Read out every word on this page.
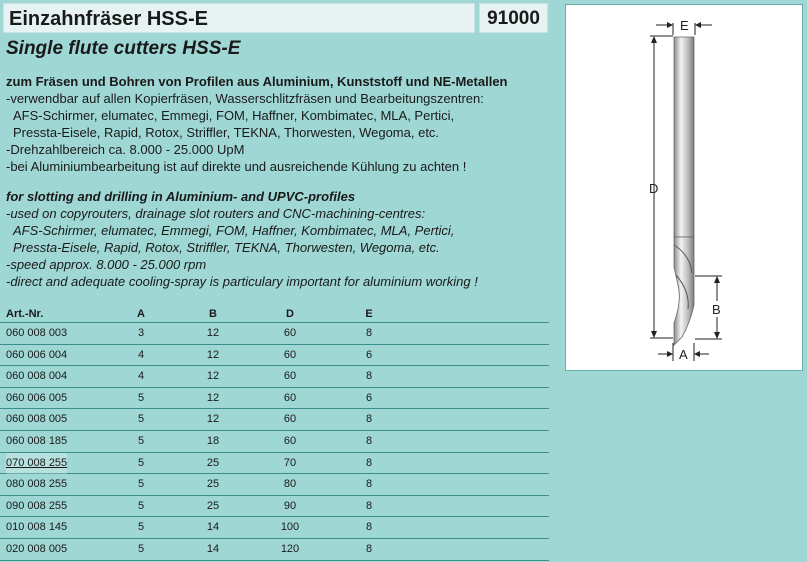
Einzahnfräser HSS-E	91000
Single flute cutters HSS-E
zum Fräsen und Bohren von Profilen aus Aluminium, Kunststoff und NE-Metallen
-verwendbar auf allen Kopierfräsen, Wasserschlitzfräsen und Bearbeitungszentren:
AFS-Schirmer, elumatec, Emmegi, FOM, Haffner, Kombimatec, MLA, Pertici,
Pressta-Eisele, Rapid, Rotox, Striffler, TEKNA, Thorwesten, Wegoma, etc.
-Drehzahlbereich ca. 8.000 - 25.000 UpM
-bei Aluminiumbearbeitung ist auf direkte und ausreichende Kühlung zu achten !
for slotting and drilling in Aluminium- and UPVC-profiles
-used on copyrouters, drainage slot routers and CNC-machining-centres:
AFS-Schirmer, elumatec, Emmegi, FOM, Haffner, Kombimatec, MLA, Pertici,
Pressta-Eisele, Rapid, Rotox, Striffler, TEKNA, Thorwesten, Wegoma, etc.
-speed approx. 8.000 - 25.000 rpm
-direct and adequate cooling-spray is particulary important for aluminium working !
Art.-Nr.	A	B	D	E
060 008 003	3	12	60	8
060 006 004	4	12	60	6
060 008 004	4	12	60	8
060 006 005	5	12	60	6
060 008 005	5	12	60	8
060 008 185	5	18	60	8
070 008 255	5	25	70	8
080 008 255	5	25	80	8
090 008 255	5	25	90	8
010 008 145	5	14	100	8
020 008 005	5	14	120	8
E
D
B
A
